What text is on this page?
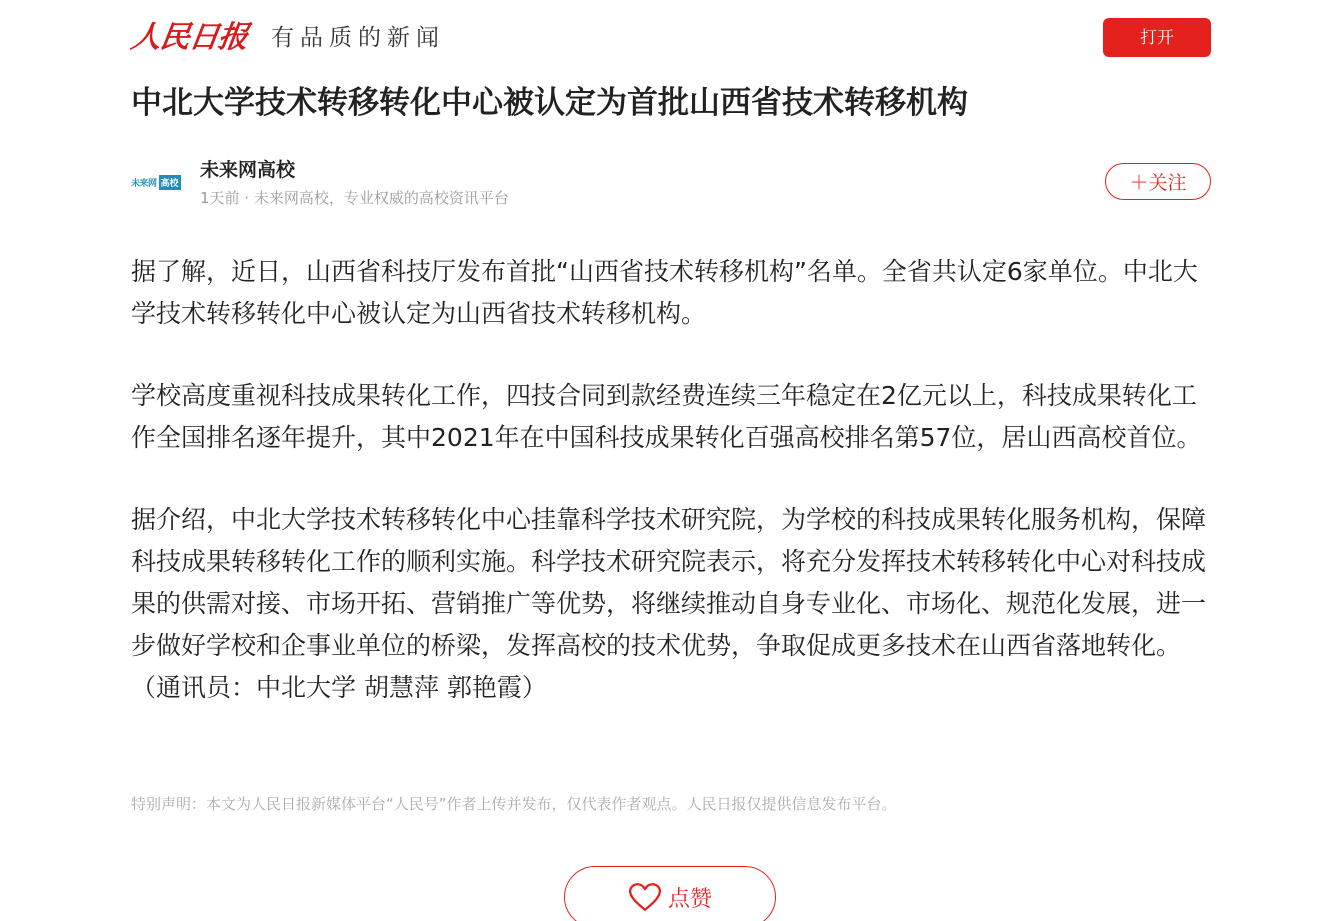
人民日报 有品质的新闻	打开
中北大学技术转移转化中心被认定为首批山西省技术转移机构
未来网 高校
未来网高校
1天前 · 未来网高校，专业权威的高校资讯平台
＋关注

据了解，近日，山西省科技厅发布首批“山西省技术转移机构”名单。全省共认定6家单位。中北大学技术转移转化中心被认定为山西省技术转移机构。

学校高度重视科技成果转化工作，四技合同到款经费连续三年稳定在2亿元以上，科技成果转化工作全国排名逐年提升，其中2021年在中国科技成果转化百强高校排名第57位，居山西高校首位。

据介绍，中北大学技术转移转化中心挂靠科学技术研究院，为学校的科技成果转化服务机构，保障科技成果转移转化工作的顺利实施。科学技术研究院表示，将充分发挥技术转移转化中心对科技成果的供需对接、市场开拓、营销推广等优势，将继续推动自身专业化、市场化、规范化发展，进一步做好学校和企事业单位的桥梁，发挥高校的技术优势，争取促成更多技术在山西省落地转化。（通讯员：中北大学 胡慧萍 郭艳霞）

特别声明：本文为人民日报新媒体平台“人民号”作者上传并发布，仅代表作者观点。人民日报仅提供信息发布平台。
点赞
